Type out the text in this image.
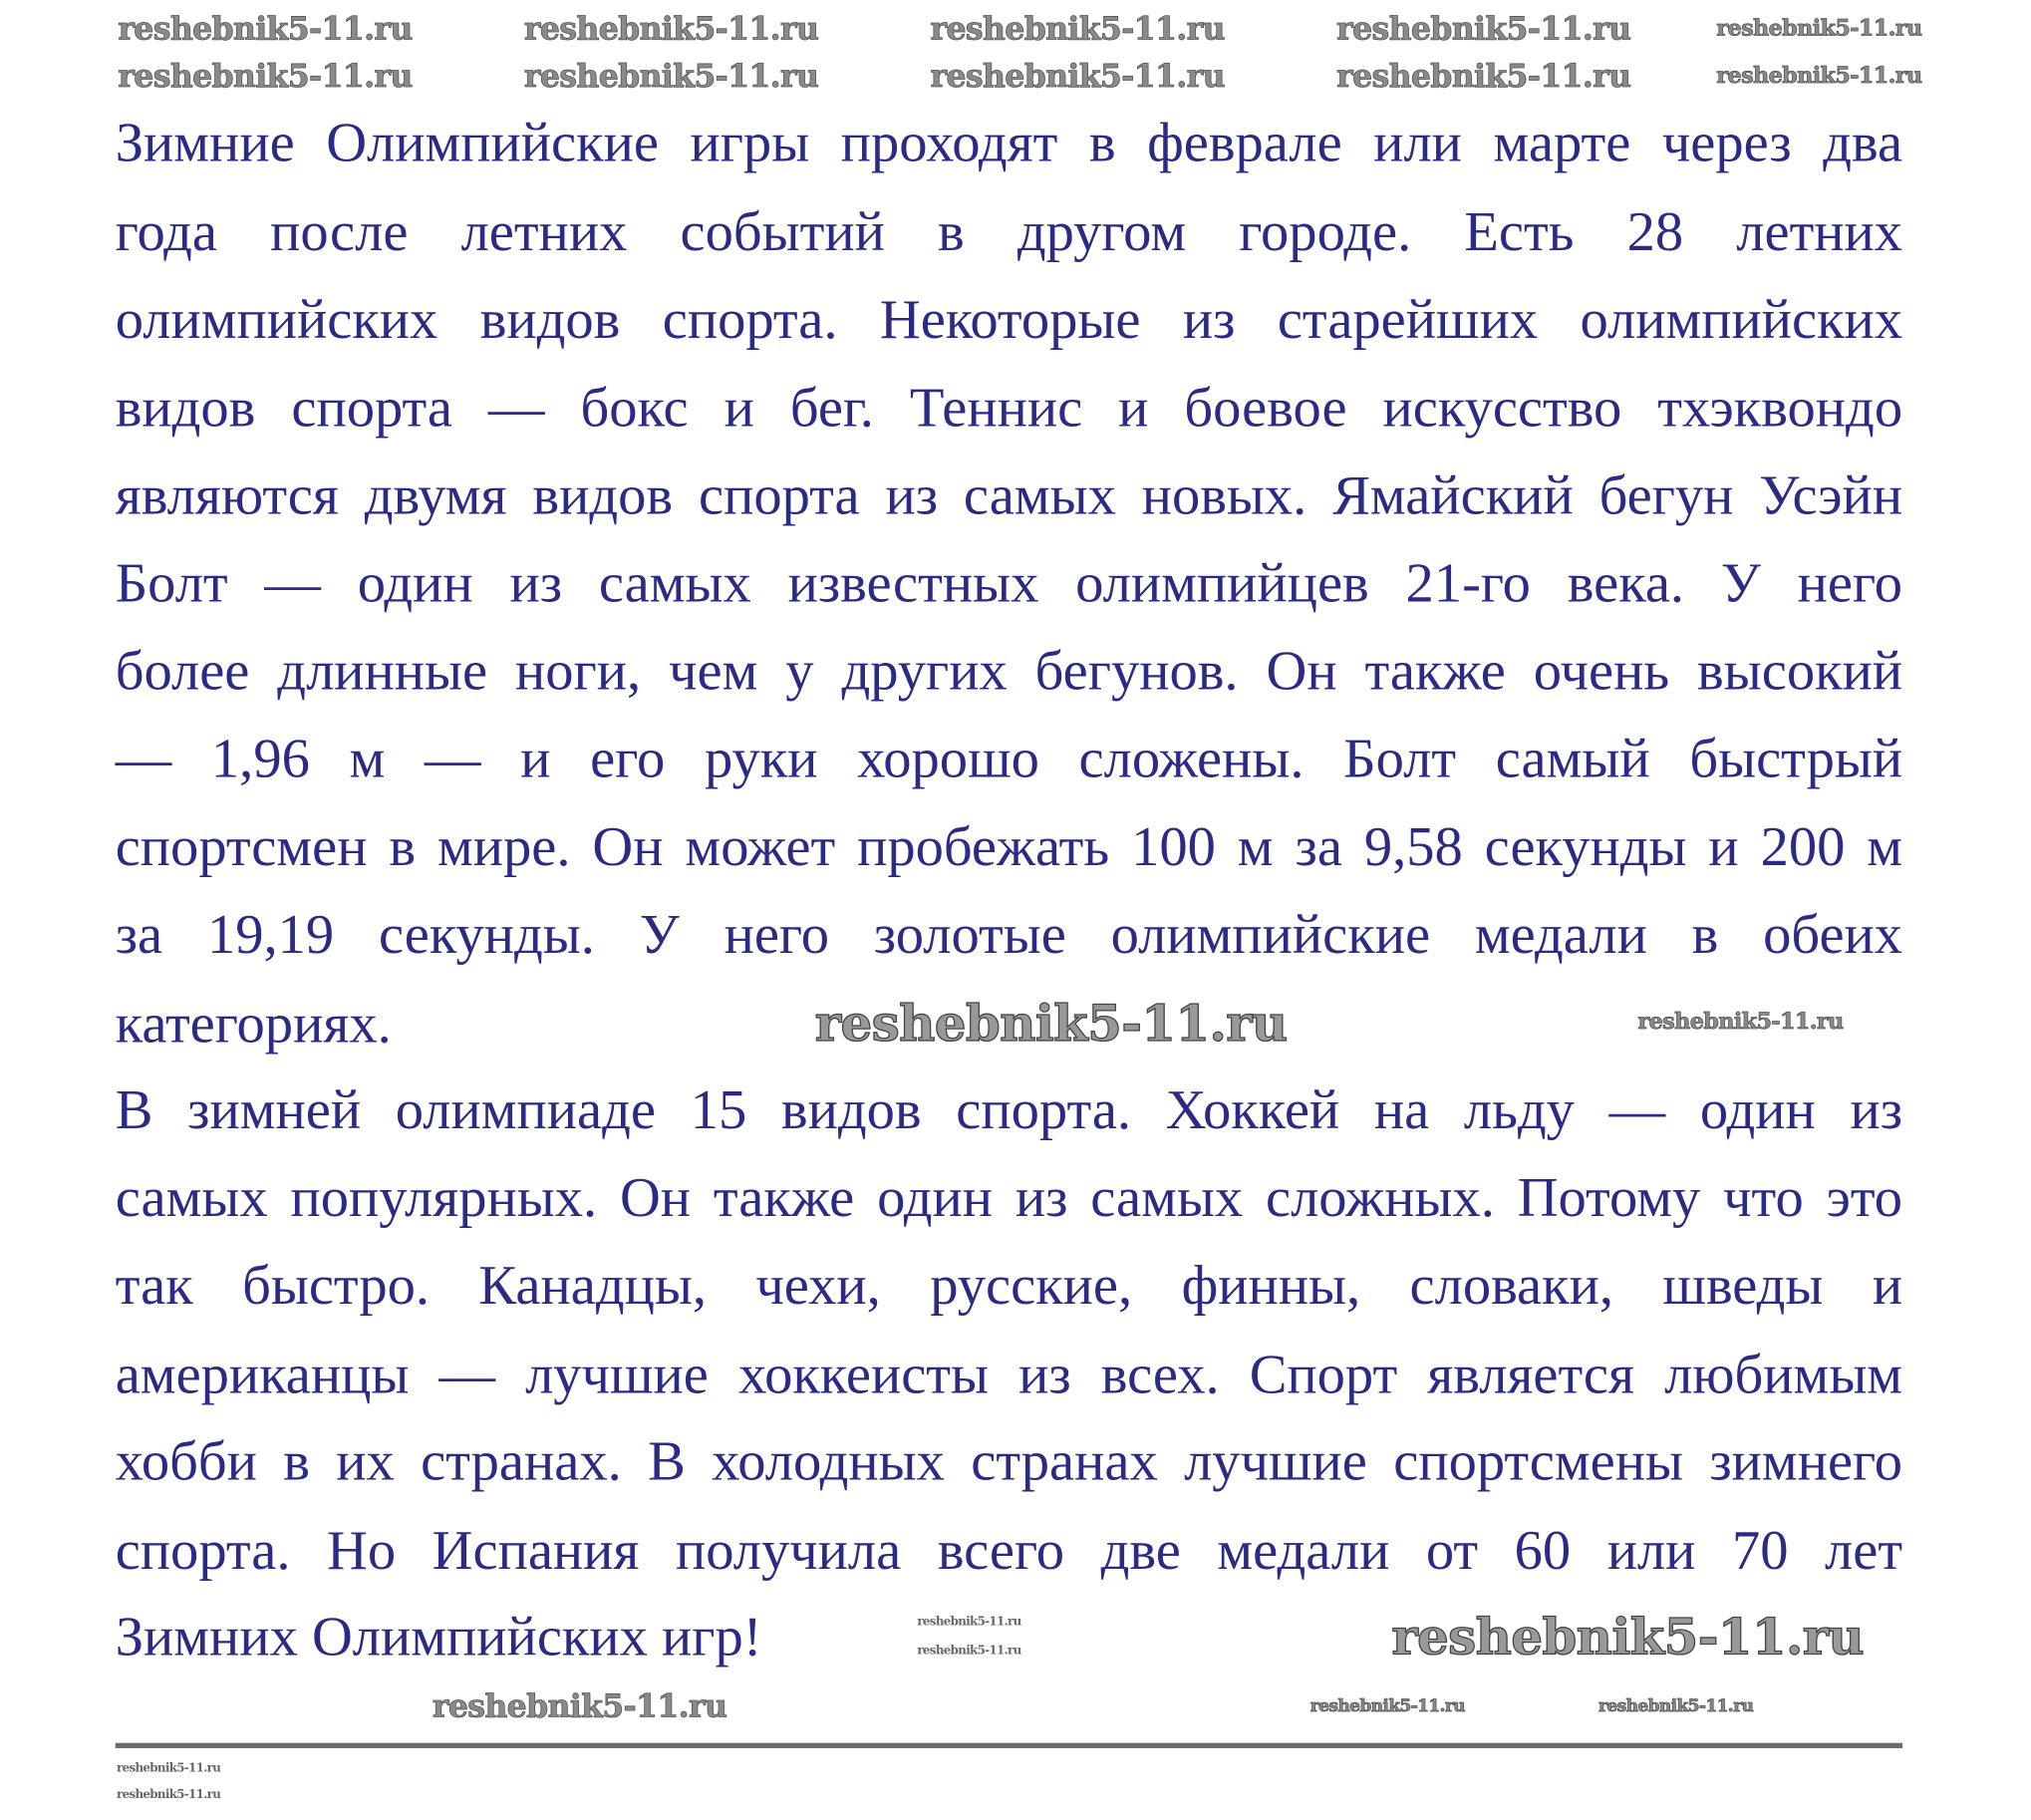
Зимние Олимпийские игры проходят в феврале или марте через два
года после летних событий в другом городе. Есть 28 летних
олимпийских видов спорта. Некоторые из старейших олимпийских
видов спорта — бокс и бег. Теннис и боевое искусство тхэквондо
являются двумя видов спорта из самых новых. Ямайский бегун Усэйн
Болт — один из самых известных олимпийцев 21-го века. У него
более длинные ноги, чем у других бегунов. Он также очень высокий
— 1,96 м — и его руки хорошо сложены. Болт самый быстрый
спортсмен в мире. Он может пробежать 100 м за 9,58 секунды и 200 м
за 19,19 секунды. У него золотые олимпийские медали в обеих
категориях.
В зимней олимпиаде 15 видов спорта. Хоккей на льду — один из
самых популярных. Он также один из самых сложных. Потому что это
так быстро. Канадцы, чехи, русские, финны, словаки, шведы и
американцы — лучшие хоккеисты из всех. Спорт является любимым
хобби в их странах. В холодных странах лучшие спортсмены зимнего
спорта. Но Испания получила всего две медали от 60 или 70 лет
Зимних Олимпийских игр!
reshebnik5-11.ru	reshebnik5-11.ru	reshebnik5-11.ru	reshebnik5-11.ru	reshebnik5-11.ru
reshebnik5-11.ru	reshebnik5-11.ru	reshebnik5-11.ru	reshebnik5-11.ru	reshebnik5-11.ru
reshebnik5-11.ru	reshebnik5-11.ru
reshebnik5-11.ru
reshebnik5-11.ru	reshebnik5-11.ru
reshebnik5-11.ru	reshebnik5-11.ru	reshebnik5-11.ru
reshebnik5-11.ru
reshebnik5-11.ru
